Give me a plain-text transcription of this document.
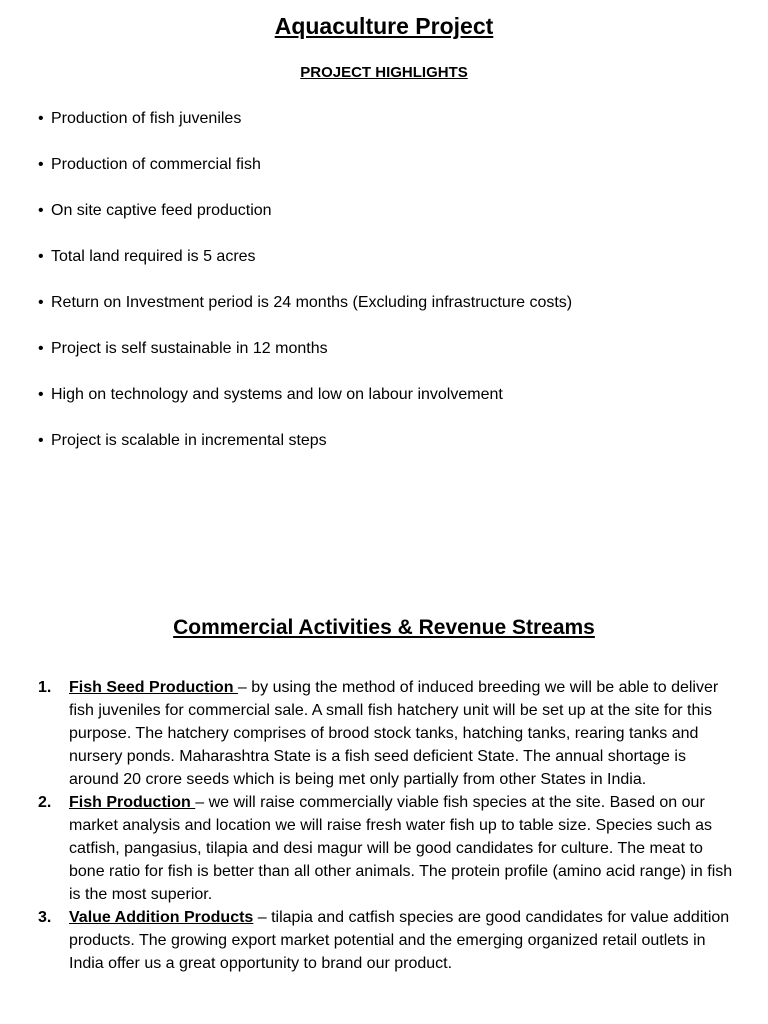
Aquaculture Project
PROJECT HIGHLIGHTS
• Production of fish juveniles
• Production of commercial fish
• On site captive feed production
• Total land required is 5 acres
• Return on Investment period is 24 months (Excluding infrastructure costs)
• Project is self sustainable in 12 months
• High on technology and systems and low on labour involvement
• Project is scalable in incremental steps
Commercial Activities & Revenue Streams
1. Fish Seed Production – by using the method of induced breeding we will be able to deliver fish juveniles for commercial sale. A small fish hatchery unit will be set up at the site for this purpose. The hatchery comprises of brood stock tanks, hatching tanks, rearing tanks and nursery ponds. Maharashtra State is a fish seed deficient State. The annual shortage is around 20 crore seeds which is being met only partially from other States in India.
2. Fish Production – we will raise commercially viable fish species at the site. Based on our market analysis and location we will raise fresh water fish up to table size. Species such as catfish, pangasius, tilapia and desi magur will be good candidates for culture. The meat to bone ratio for fish is better than all other animals. The protein profile (amino acid range) in fish is the most superior.
3. Value Addition Products – tilapia and catfish species are good candidates for value addition products. The growing export market potential and the emerging organized retail outlets in India offer us a great opportunity to brand our product.
